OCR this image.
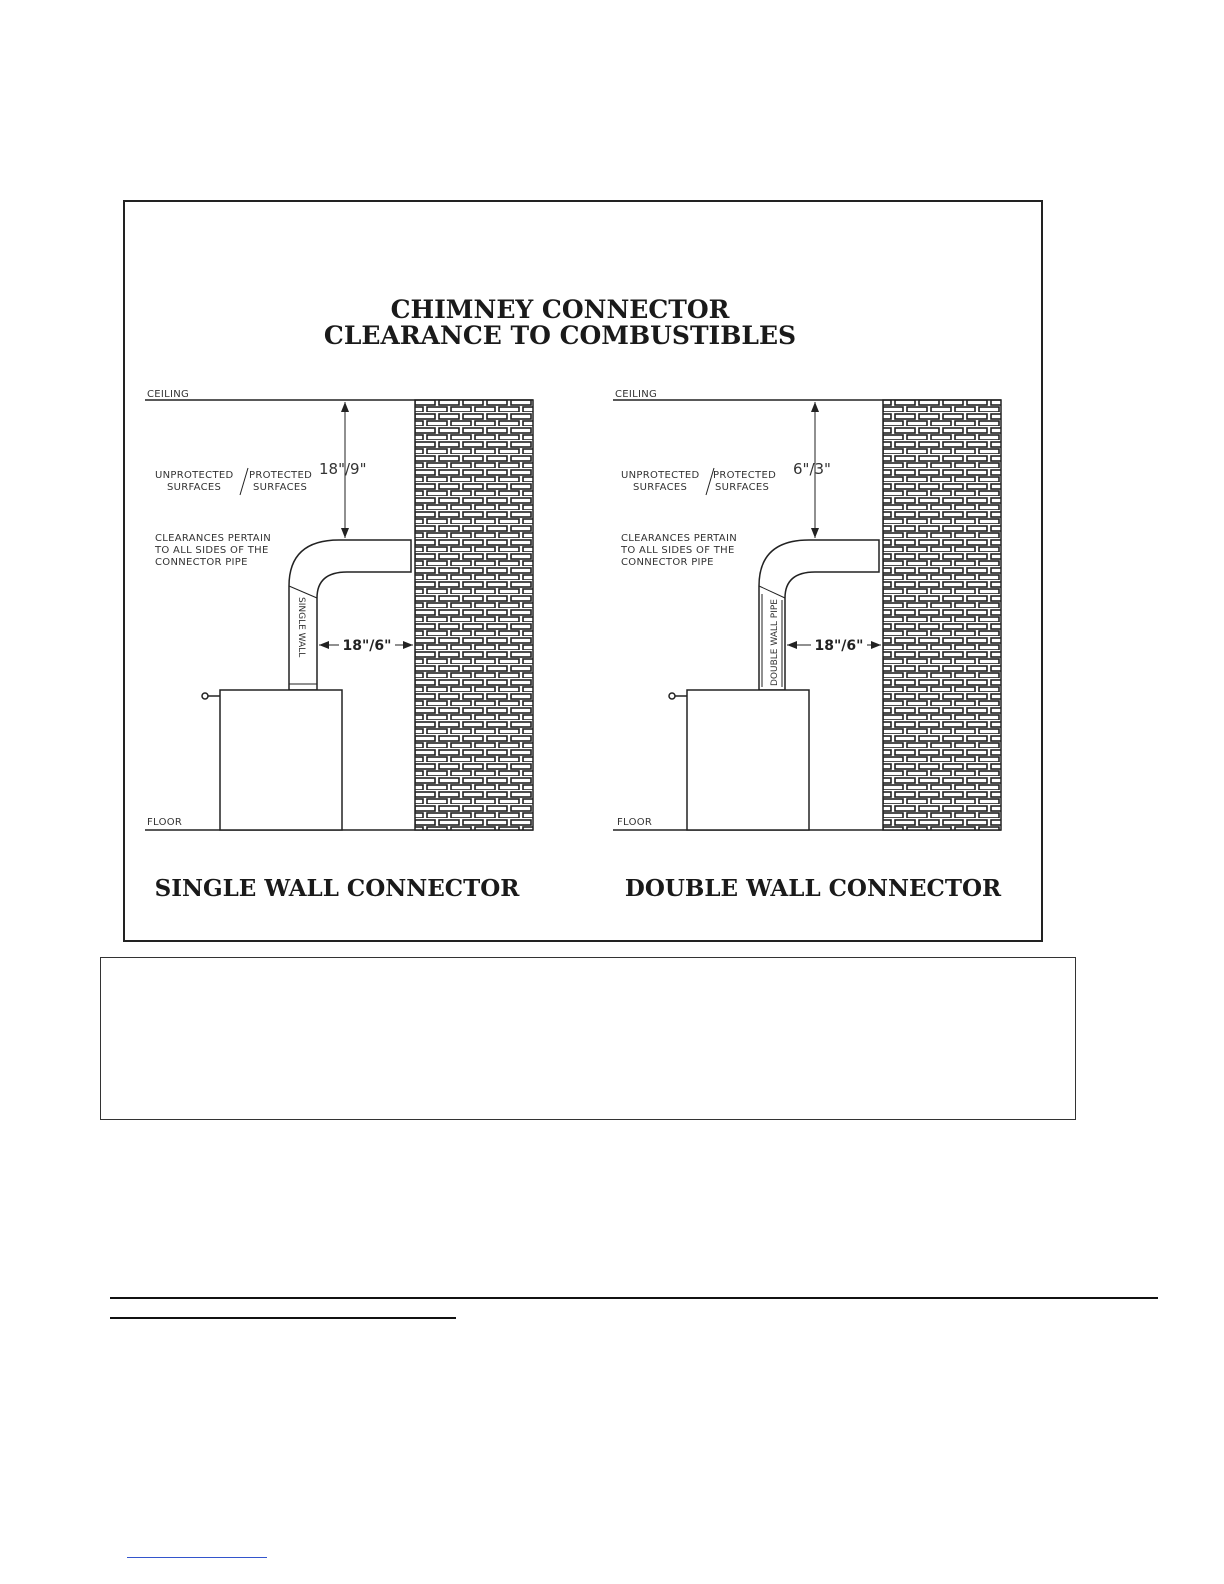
CHIMNEY CONNECTOR
CLEARANCE TO COMBUSTIBLES
CEILING
FLOOR
18"/9"
UNPROTECTED
SURFACES
PROTECTED
SURFACES
CLEARANCES PERTAIN
TO ALL SIDES OF THE
CONNECTOR PIPE
SINGLE WALL	18"/6"
SINGLE WALL CONNECTOR
CEILING
FLOOR
6"/3"
UNPROTECTED
SURFACES
PROTECTED
SURFACES
CLEARANCES PERTAIN
TO ALL SIDES OF THE
CONNECTOR PIPE
DOUBLE WALL PIPE 18"/6"
DOUBLE WALL CONNECTOR
